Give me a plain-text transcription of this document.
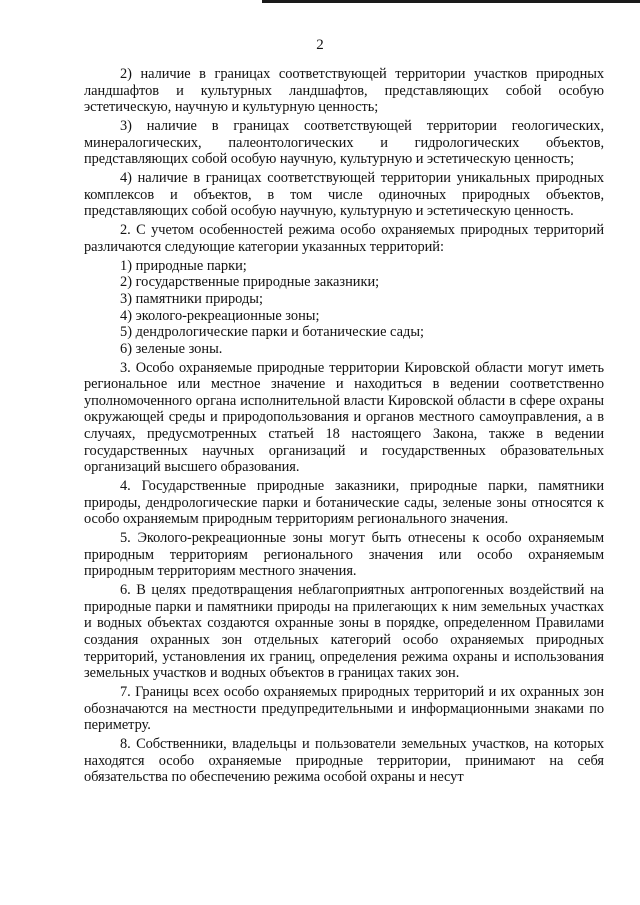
2

2) наличие в границах соответствующей территории участков природных ландшафтов и культурных ландшафтов, представляющих собой особую эстетическую, научную и культурную ценность;

3) наличие в границах соответствующей территории геологических, минералогических, палеонтологических и гидрологических объектов, представляющих собой особую научную, культурную и эстетическую ценность;

4) наличие в границах соответствующей территории уникальных природных комплексов и объектов, в том числе одиночных природных объектов, представляющих собой особую научную, культурную и эстетическую ценность.

2. С учетом особенностей режима особо охраняемых природных территорий различаются следующие категории указанных территорий:

1) природные парки;

2) государственные природные заказники;

3) памятники природы;

4) эколого-рекреационные зоны;

5) дендрологические парки и ботанические сады;

6) зеленые зоны.

3. Особо охраняемые природные территории Кировской области могут иметь региональное или местное значение и находиться в ведении соответственно уполномоченного органа исполнительной власти Кировской области в сфере охраны окружающей среды и природопользования и органов местного самоуправления, а в случаях, предусмотренных статьей 18 настоящего Закона, также в ведении государственных научных организаций и государственных образовательных организаций высшего образования.

4. Государственные природные заказники, природные парки, памятники природы, дендрологические парки и ботанические сады, зеленые зоны относятся к особо охраняемым природным территориям регионального значения.

5. Эколого-рекреационные зоны могут быть отнесены к особо охраняемым природным территориям регионального значения или особо охраняемым природным территориям местного значения.

6. В целях предотвращения неблагоприятных антропогенных воздействий на природные парки и памятники природы на прилегающих к ним земельных участках и водных объектах создаются охранные зоны в порядке, определенном Правилами создания охранных зон отдельных категорий особо охраняемых природных территорий, установления их границ, определения режима охраны и использования земельных участков и водных объектов в границах таких зон.

7. Границы всех особо охраняемых природных территорий и их охранных зон обозначаются на местности предупредительными и информационными знаками по периметру.

8. Собственники, владельцы и пользователи земельных участков, на которых находятся особо охраняемые природные территории, принимают на себя обязательства по обеспечению режима особой охраны и несут
